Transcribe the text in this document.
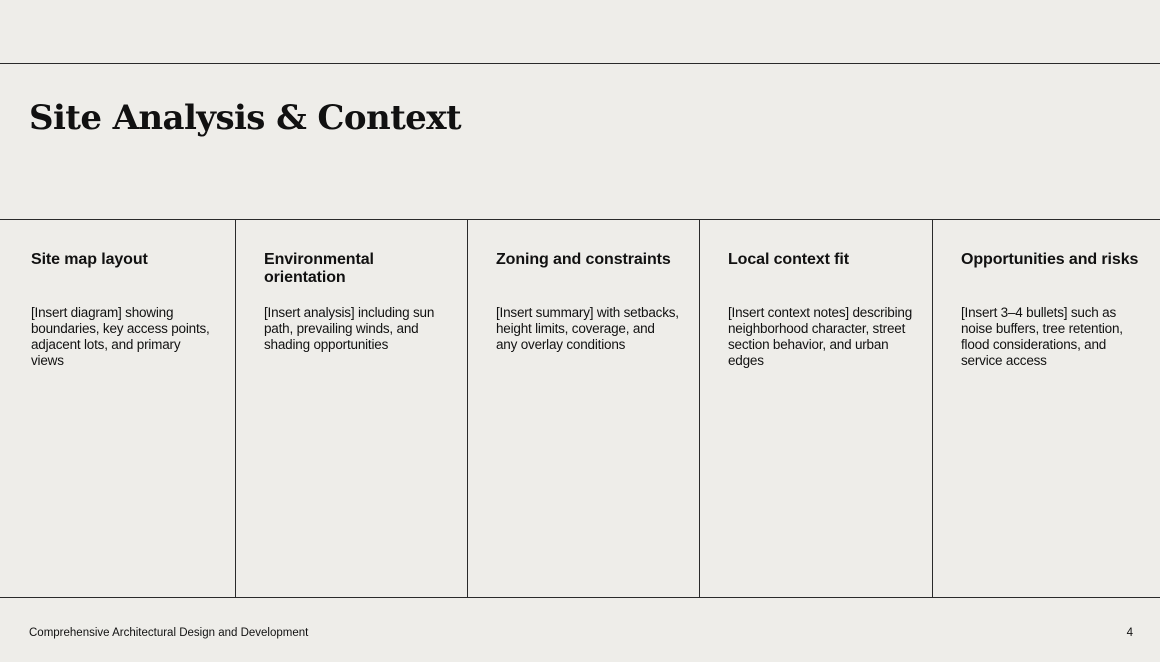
Site Analysis & Context
Site map layout
[Insert diagram] showing boundaries, key access points, adjacent lots, and primary views
Environmental orientation
[Insert analysis] including sun path, prevailing winds, and shading opportunities
Zoning and constraints
[Insert summary] with setbacks, height limits, coverage, and any overlay conditions
Local context fit
[Insert context notes] describing neighborhood character, street section behavior, and urban edges
Opportunities and risks
[Insert 3–4 bullets] such as noise buffers, tree retention, flood considerations, and service access
Comprehensive Architectural Design and Development	4
